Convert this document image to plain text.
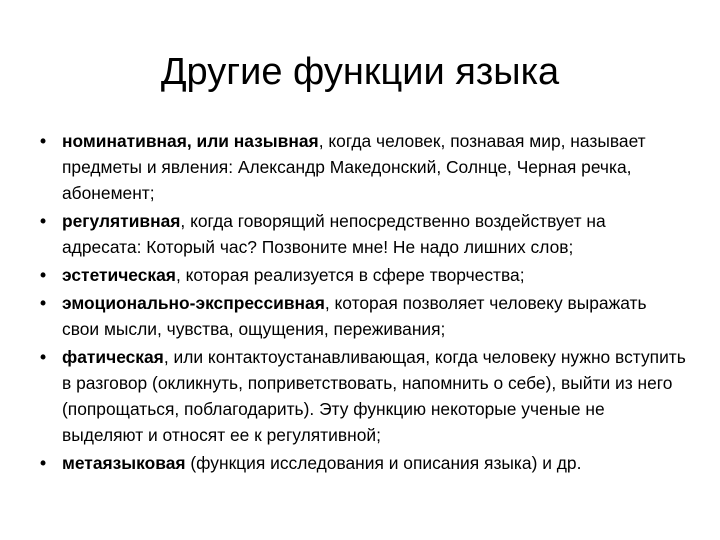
Другие функции языка
• номинативная, или назывная, когда человек, познавая мир, называет предметы и явления: Александр Македонский, Солнце, Черная речка, абонемент;
• регулятивная, когда говорящий непосредственно воздействует на адресата: Который час? Позвоните мне! Не надо лишних слов;
• эстетическая, которая реализуется в сфере творчества;
• эмоционально-экспрессивная, которая позволяет человеку выражать свои мысли, чувства, ощущения, переживания;
• фатическая, или контактоустанавливающая, когда человеку нужно вступить в разговор (окликнуть, поприветствовать, напомнить о себе), выйти из него (попрощаться, поблагодарить). Эту функцию некоторые ученые не выделяют и относят ее к регулятивной;
• метаязыковая (функция исследования и описания языка) и др.
